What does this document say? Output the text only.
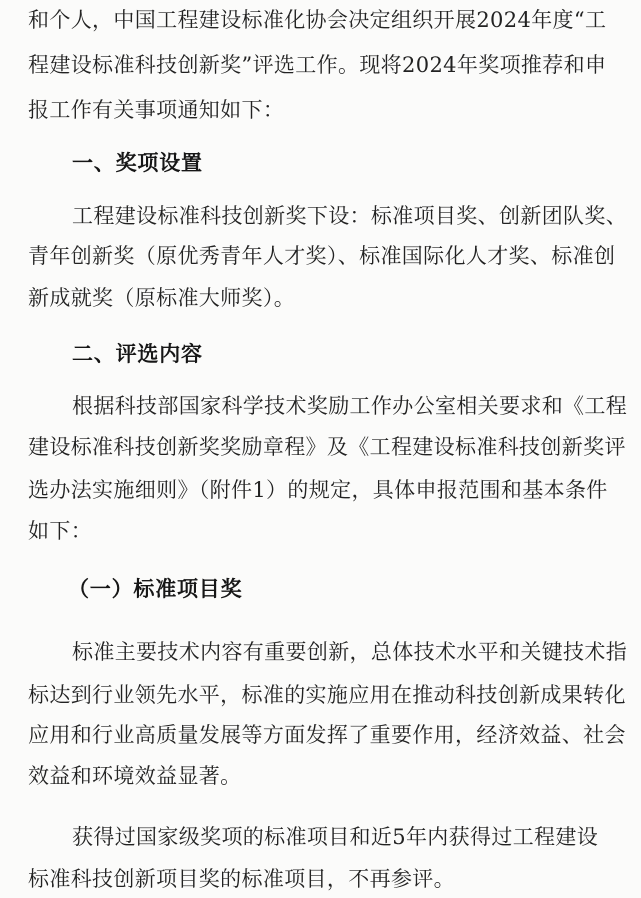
和个人，中国工程建设标准化协会决定组织开展2024年度“工
程建设标准科技创新奖”评选工作。现将2024年奖项推荐和申
报工作有关事项通知如下：
一、奖项设置
工程建设标准科技创新奖下设：标准项目奖、创新团队奖、
青年创新奖（原优秀青年人才奖）、标准国际化人才奖、标准创
新成就奖（原标准大师奖）。
二、评选内容
根据科技部国家科学技术奖励工作办公室相关要求和《工程
建设标准科技创新奖奖励章程》及《工程建设标准科技创新奖评
选办法实施细则》（附件1）的规定，具体申报范围和基本条件
如下：
（一）标准项目奖
标准主要技术内容有重要创新，总体技术水平和关键技术指
标达到行业领先水平，标准的实施应用在推动科技创新成果转化
应用和行业高质量发展等方面发挥了重要作用，经济效益、社会
效益和环境效益显著。
获得过国家级奖项的标准项目和近5年内获得过工程建设
标准科技创新项目奖的标准项目，不再参评。
